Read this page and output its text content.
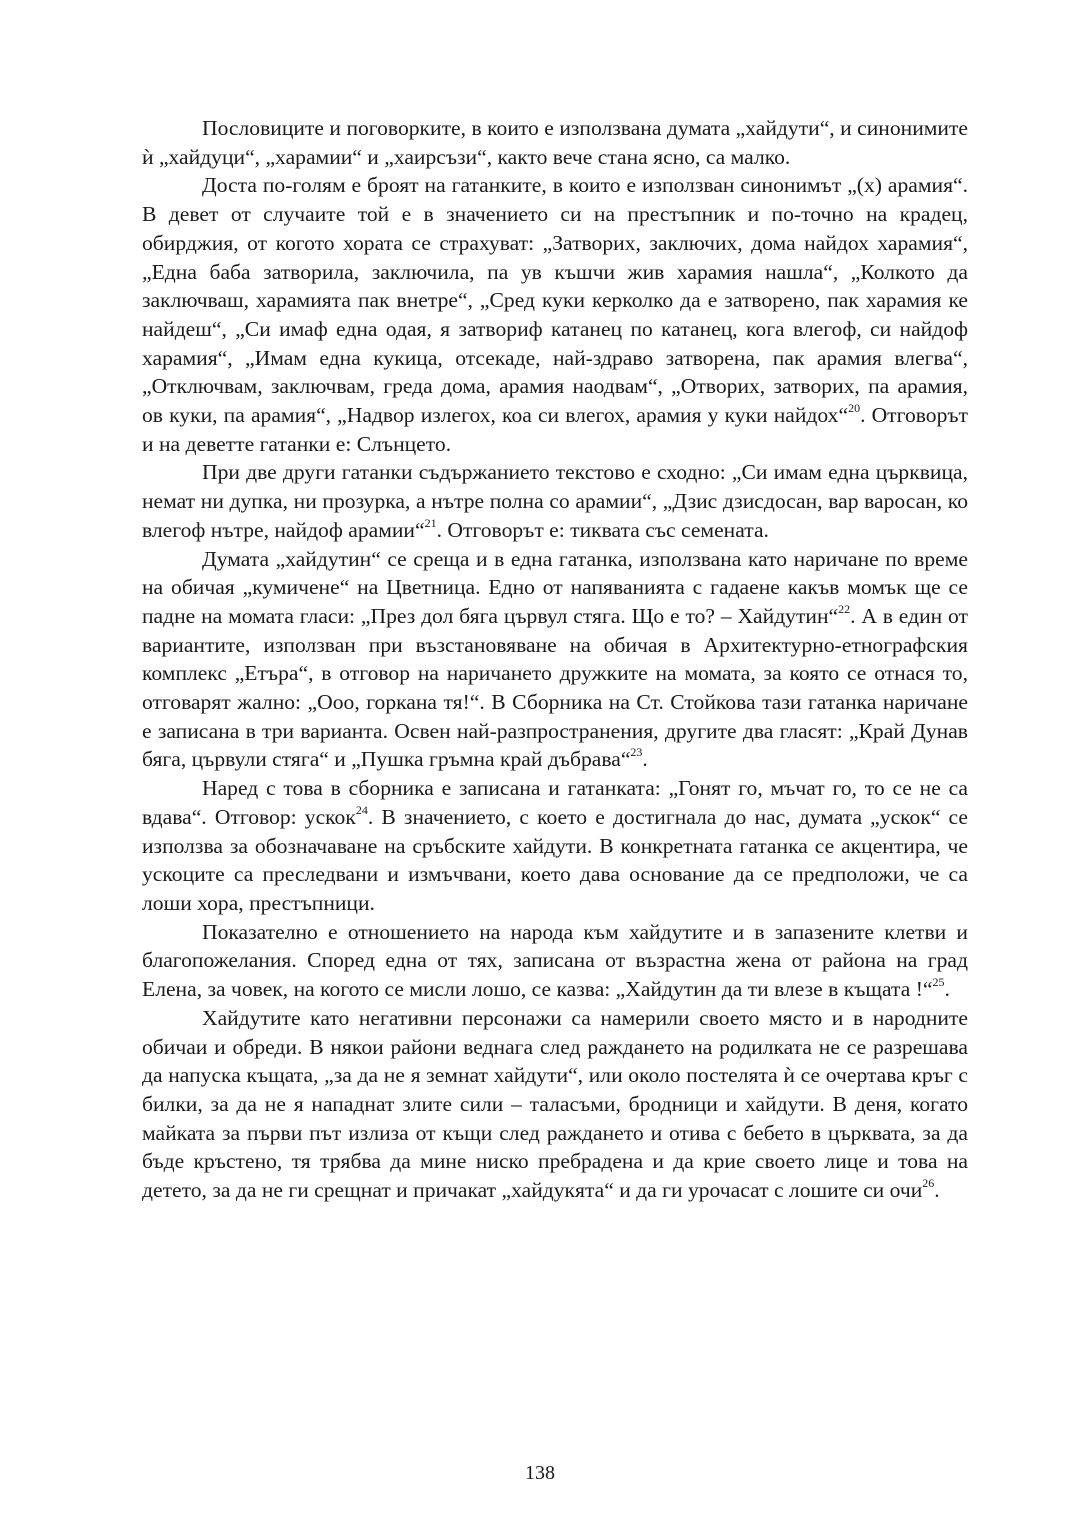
Пословиците и поговорките, в които е използвана думата „хайдути“, и синонимите ѝ „хайдуци“, „харамии“ и „хаирсъзи“, както вече стана ясно, са малко.

Доста по-голям е броят на гатанките, в които е използван синонимът „(х) арамия“. В девет от случаите той е в значението си на престъпник и по-точно на крадец, обирджия, от когото хората се страхуват: „Затворих, заключих, дома найдох харамия“, „Една баба затворила, заключила, па ув къшчи жив харамия нашла“, „Колкото да заключваш, харамията пак внетре“, „Сред куки керколко да е затворено, пак харамия ке найдеш“, „Си имаф една одая, я затвориф катанец по катанец, кога влегоф, си найдоф харамия“, „Имам една кукица, отсекаде, най-здраво затворена, пак арамия влегва“, „Отключвам, заключвам, греда дома, арамия наодвам“, „Отворих, затворих, па арамия, ов куки, па арамия“, „Надвор излегох, коа си влегох, арамия у куки найдох“$^{20}$. Отговорът и на деветте гатанки е: Слънцето.

При две други гатанки съдържанието текстово е сходно: „Си имам една църквица, немат ни дупка, ни прозурка, а нътре полна со арамии“, „Дзис дзисдосан, вар варосан, ко влегоф нътре, найдоф арамии“$^{21}$. Отговорът е: тиквата със семената.

Думата „хайдутин“ се среща и в една гатанка, използвана като наричане по време на обичая „кумичене“ на Цветница. Едно от напяванията с гадаене какъв момък ще се падне на момата гласи: „През дол бяга цървул стяга. Що е то? – Хайдутин“$^{22}$. А в един от вариантите, използван при възстановяване на обичая в Архитектурно-етнографския комплекс „Етъра“, в отговор на наричaнето дружките на момата, за която се отнася то, отговарят жално: „Ооо, горкана тя!“. В Сборника на Ст. Стойкова тази гатанка наричане е записана в три варианта. Освен най-разпространения, другите два гласят: „Край Дунав бяга, цървули стяга“ и „Пушка гръмна край дъбрава“$^{23}$.

Наред с това в сборника е записана и гатанката: „Гонят го, мъчат го, то се не са вдава“. Отговор: ускок$^{24}$. В значението, с което е достигнала до нас, думата „ускок“ се използва за обозначаване на сръбските хайдути. В конкретната гатанка се акцентира, че ускоците са преследвани и измъчвани, което дава основание да се предположи, че са лоши хора, престъпници.

Показателно е отношението на народа към хайдутите и в запазените клетви и благопожелания. Според една от тях, записана от възрастна жена от района на град Елена, за човек, на когото се мисли лошо, се казва: „Хайдутин да ти влезе в къщата !“$^{25}$.

Хайдутите като негативни персонажи са намерили своето място и в народните обичаи и обреди. В някои райони веднага след раждането на родилката не се разрешава да напуска къщата, „за да не я земнат хайдути“, или около постелята ѝ се очертава кръг с билки, за да не я нападнат злите сили – таласъми, бродници и хайдути. В деня, когато майката за първи път излиза от къщи след раждането и отива с бебето в църквата, за да бъде кръстено, тя трябва да мине ниско пребрадена и да крие своето лице и това на детето, за да не ги срещнат и причакат „хайдукята“ и да ги урочасат с лошите си очи$^{26}$.

138
